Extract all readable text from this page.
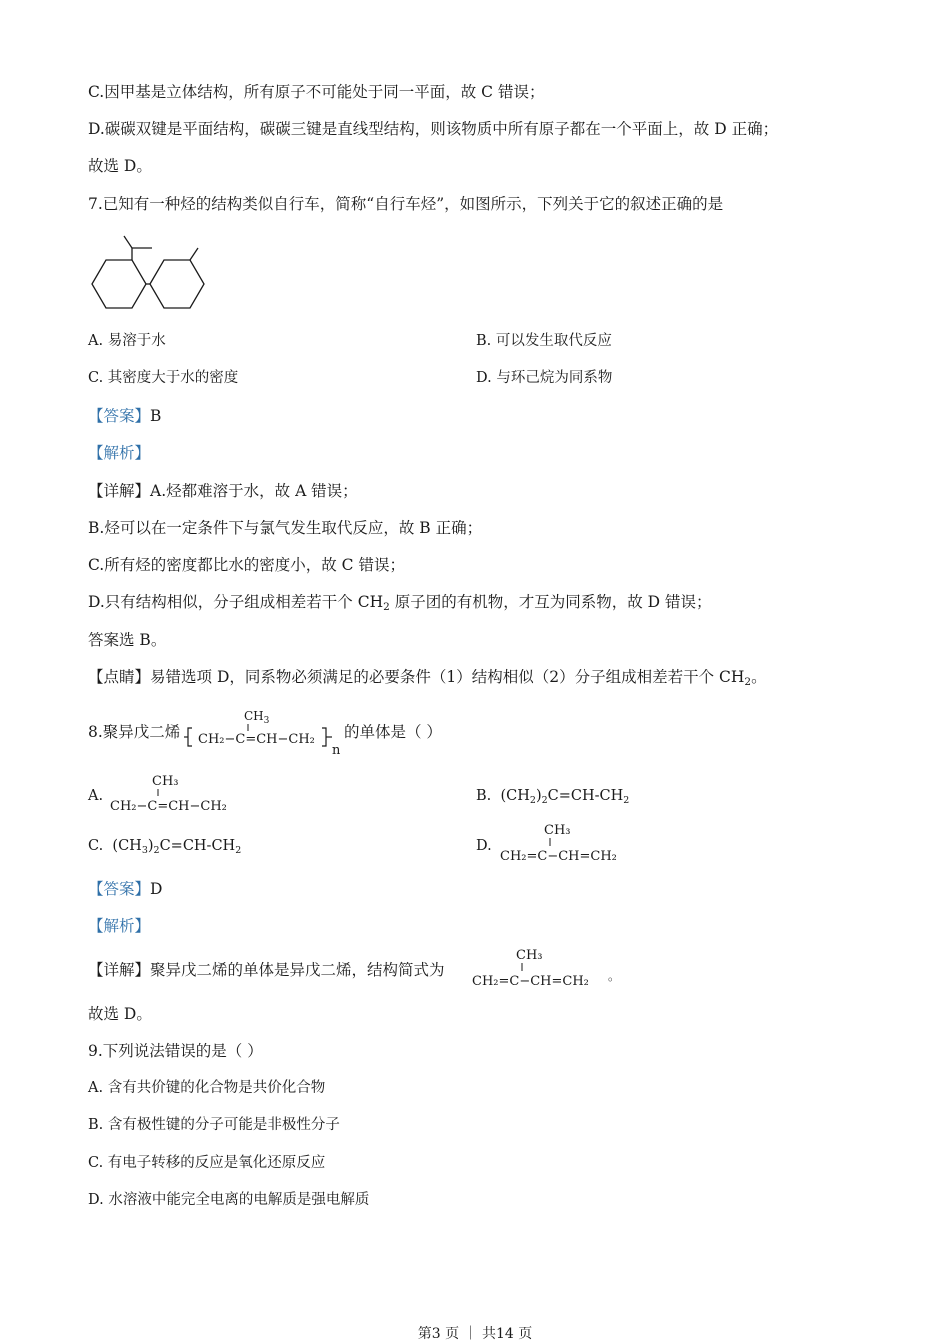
C.因甲基是立体结构，所有原子不可能处于同一平面，故 C 错误；
D.碳碳双键是平面结构，碳碳三键是直线型结构，则该物质中所有原子都在一个平面上，故 D 正确；
故选 D。
7.已知有一种烃的结构类似自行车，简称“自行车烃”，如图所示，下列关于它的叙述正确的是
A. 易溶于水	B. 可以发生取代反应
C. 其密度大于水的密度	D. 与环己烷为同系物
【答案】B
【解析】
【详解】A.烃都难溶于水，故 A 错误；
B.烃可以在一定条件下与氯气发生取代反应，故 B 正确；
C.所有烃的密度都比水的密度小，故 C 错误；
D.只有结构相似，分子组成相差若干个 $CH_2$ 原子团的有机物，才互为同系物，故 D 错误；
答案选 B。
【点睛】易错选项 D，同系物必须满足的必要条件（1）结构相似（2）分子组成相差若干个 $CH_2$。
8.聚异戊二烯
$CH_3$
CH₂−C=CH−CH₂
n
的单体是（ ）
A.
CH₃
CH₂−C=CH−CH₂
B. $(CH_2)_2C=CH-CH_2$
C. $(CH_3)_2C=CH-CH_2$	D.
CH₃
CH₂=C−CH=CH₂
【答案】D
【解析】
【详解】聚异戊二烯的单体是异戊二烯，结构简式为
CH₃
CH₂=C−CH=CH₂ 。
故选 D。
9.下列说法错误的是（ ）
A. 含有共价键的化合物是共价化合物
B. 含有极性键的分子可能是非极性分子
C. 有电子转移的反应是氧化还原反应
D. 水溶液中能完全电离的电解质是强电解质
第3 页 ｜ 共14 页
